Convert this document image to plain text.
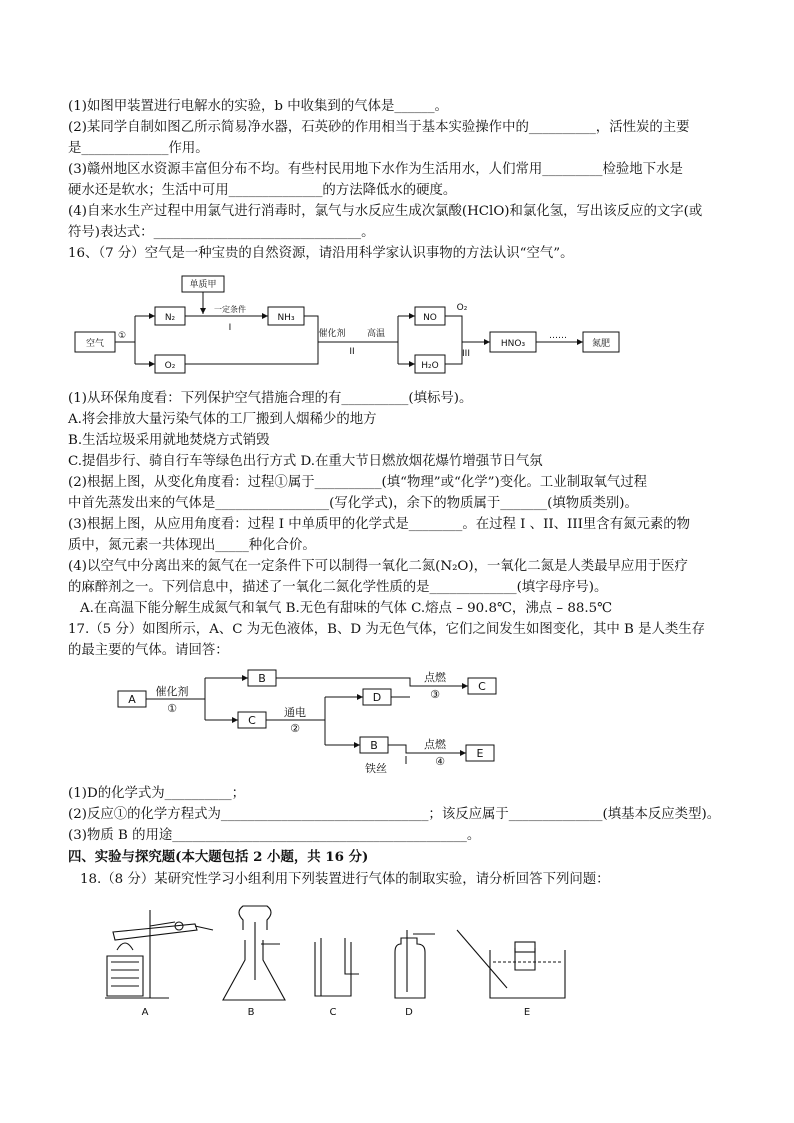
(1)如图甲装置进行电解水的实验，b 中收集到的气体是______。
(2)某同学自制如图乙所示简易净水器，石英砂的作用相当于基本实验操作中的__________，活性炭的主要
是_____________作用。
(3)赣州地区水资源丰富但分布不均。有些村民用地下水作为生活用水，人们常用_________检验地下水是
硬水还是软水；生活中可用______________的方法降低水的硬度。
(4)自来水生产过程中用氯气进行消毒时，氯气与水反应生成次氯酸(HClO)和氯化氢，写出该反应的文字(或
符号)表达式：_______________________________。
16、（7 分）空气是一种宝贵的自然资源，请沿用科学家认识事物的方法认识“空气”。
空气
①
N₂
O₂
单质甲
一定条件
I
NH₃
催化剂 高温
II
NO
H₂O
O₂
III
HNO₃
……
氮肥
(1)从环保角度看：下列保护空气措施合理的有__________(填标号)。
A.将会排放大量污染气体的工厂搬到人烟稀少的地方
B.生活垃圾采用就地焚烧方式销毁
C.提倡步行、骑自行车等绿色出行方式 D.在重大节日燃放烟花爆竹增强节日气氛
(2)根据上图，从变化角度看：过程①属于__________(填“物理”或“化学”)变化。工业制取氧气过程
中首先蒸发出来的气体是_________________(写化学式)，余下的物质属于_______(填物质类别)。
(3)根据上图，从应用角度看：过程 I 中单质甲的化学式是________。在过程 I 、II、III里含有氮元素的物
质中，氮元素一共体现出_____种化合价。
(4)以空气中分离出来的氮气在一定条件下可以制得一氧化二氮(N₂O)，一氧化二氮是人类最早应用于医疗
的麻醉剂之一。下列信息中，描述了一氧化二氮化学性质的是_____________(填字母序号)。
A.在高温下能分解生成氮气和氧气 B.无色有甜味的气体 C.熔点 – 90.8℃，沸点 – 88.5℃
17.（5 分）如图所示，A、C 为无色液体，B、D 为无色气体，它们之间发生如图变化，其中 B 是人类生存
的最主要的气体。请回答：
A
B
C
D
C
B
E
催化剂
①	通电
②
点燃
③
点燃
④
铁丝
(1)D的化学式为__________；
(2)反应①的化学方程式为_______________________________；该反应属于______________(填基本反应类型)。
(3)物质 B 的用途____________________________________________。
四、实验与探究题(本大题包括 2 小题，共 16 分)
18.（8 分）某研究性学习小组利用下列装置进行气体的制取实验，请分析回答下列问题：
A	B	C	D	E
